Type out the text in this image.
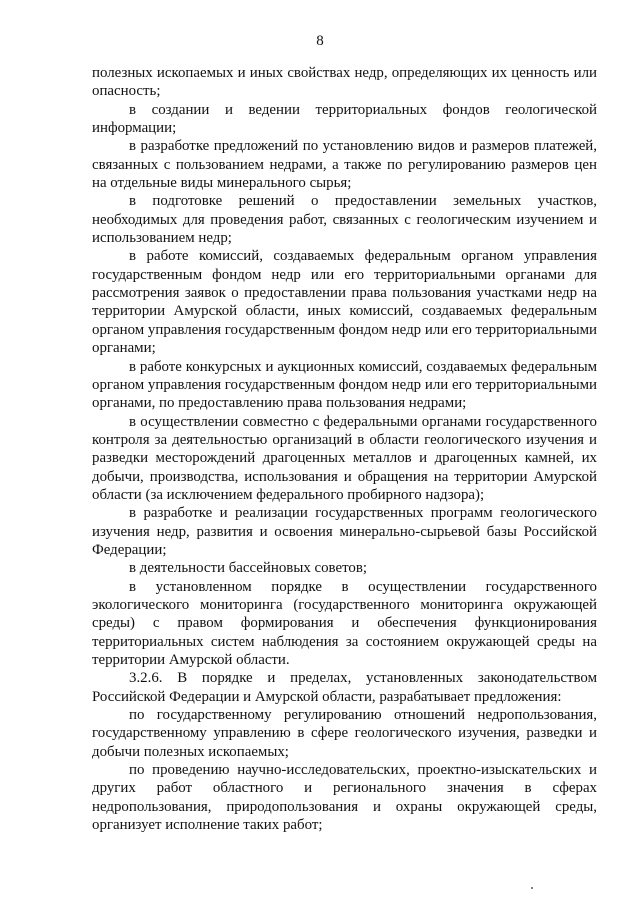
8

полезных ископаемых и иных свойствах недр, определяющих их ценность или опасность;

в создании и ведении территориальных фондов геологической информации;

в разработке предложений по установлению видов и размеров платежей, связанных с пользованием недрами, а также по регулированию размеров цен на отдельные виды минерального сырья;

в подготовке решений о предоставлении земельных участков, необходимых для проведения работ, связанных с геологическим изучением и использованием недр;

в работе комиссий, создаваемых федеральным органом управления государственным фондом недр или его территориальными органами для рассмотрения заявок о предоставлении права пользования участками недр на территории Амурской области, иных комиссий, создаваемых федеральным органом управления государственным фондом недр или его территориальными органами;

в работе конкурсных и аукционных комиссий, создаваемых федеральным органом управления государственным фондом недр или его территориальными органами, по предоставлению права пользования недрами;

в осуществлении совместно с федеральными органами государственного контроля за деятельностью организаций в области геологического изучения и разведки месторождений драгоценных металлов и драгоценных камней, их добычи, производства, использования и обращения на территории Амурской области (за исключением федерального пробирного надзора);

в разработке и реализации государственных программ геологического изучения недр, развития и освоения минерально-сырьевой базы Российской Федерации;

в деятельности бассейновых советов;

в установленном порядке в осуществлении государственного экологического мониторинга (государственного мониторинга окружающей среды) с правом формирования и обеспечения функционирования территориальных систем наблюдения за состоянием окружающей среды на территории Амурской области.

3.2.6. В порядке и пределах, установленных законодательством Российской Федерации и Амурской области, разрабатывает предложения:

по государственному регулированию отношений недропользования, государственному управлению в сфере геологического изучения, разведки и добычи полезных ископаемых;

по проведению научно-исследовательских, проектно-изыскательских и других работ областного и регионального значения в сферах недропользования, природопользования и охраны окружающей среды, организует исполнение таких работ;
